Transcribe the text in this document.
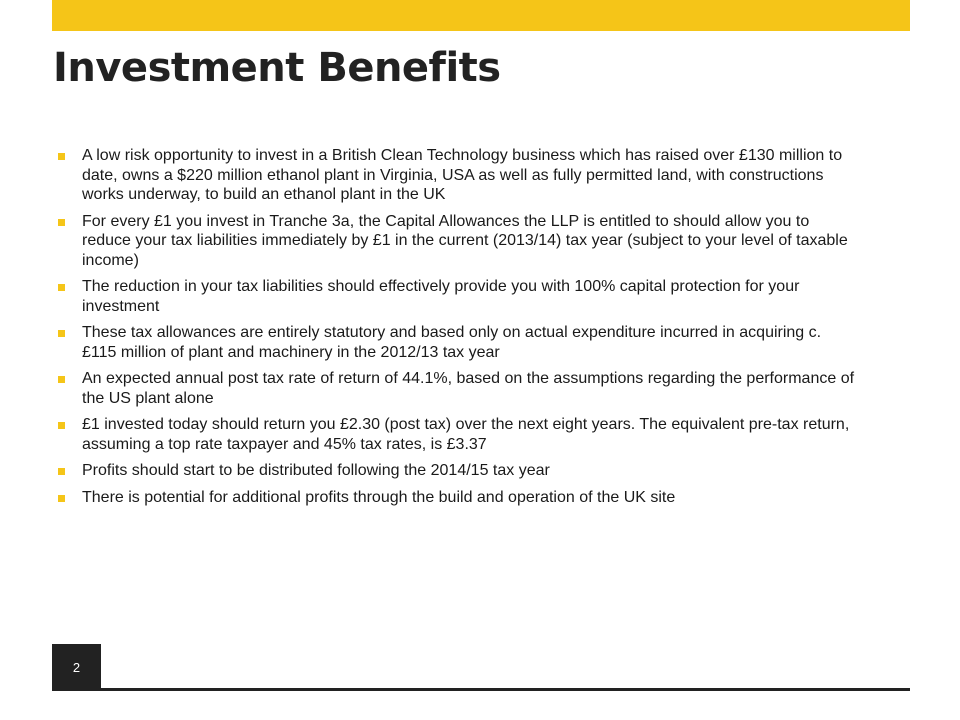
Investment Benefits
A low risk opportunity to invest in a British Clean Technology business which has raised over £130 million to date, owns a $220 million ethanol plant in Virginia, USA as well as fully permitted land, with constructions works underway, to build an ethanol plant in the UK
For every £1 you invest in Tranche 3a, the Capital Allowances the LLP is entitled to should allow you to reduce your tax liabilities immediately by £1 in the current (2013/14) tax year (subject to your level of taxable income)
The reduction in your tax liabilities should effectively provide you with 100% capital protection for your investment
These tax allowances are entirely statutory and based only on actual expenditure incurred in acquiring c. £115 million of plant and machinery in the 2012/13 tax year
An expected annual post tax rate of return of 44.1%, based on the assumptions regarding the performance of the US plant alone
£1 invested today should return you £2.30 (post tax) over the next eight years. The equivalent pre-tax return, assuming a top rate taxpayer and 45% tax rates, is £3.37
Profits should start to be distributed following the 2014/15 tax year
There is potential for additional profits through the build and operation of the UK site
2
